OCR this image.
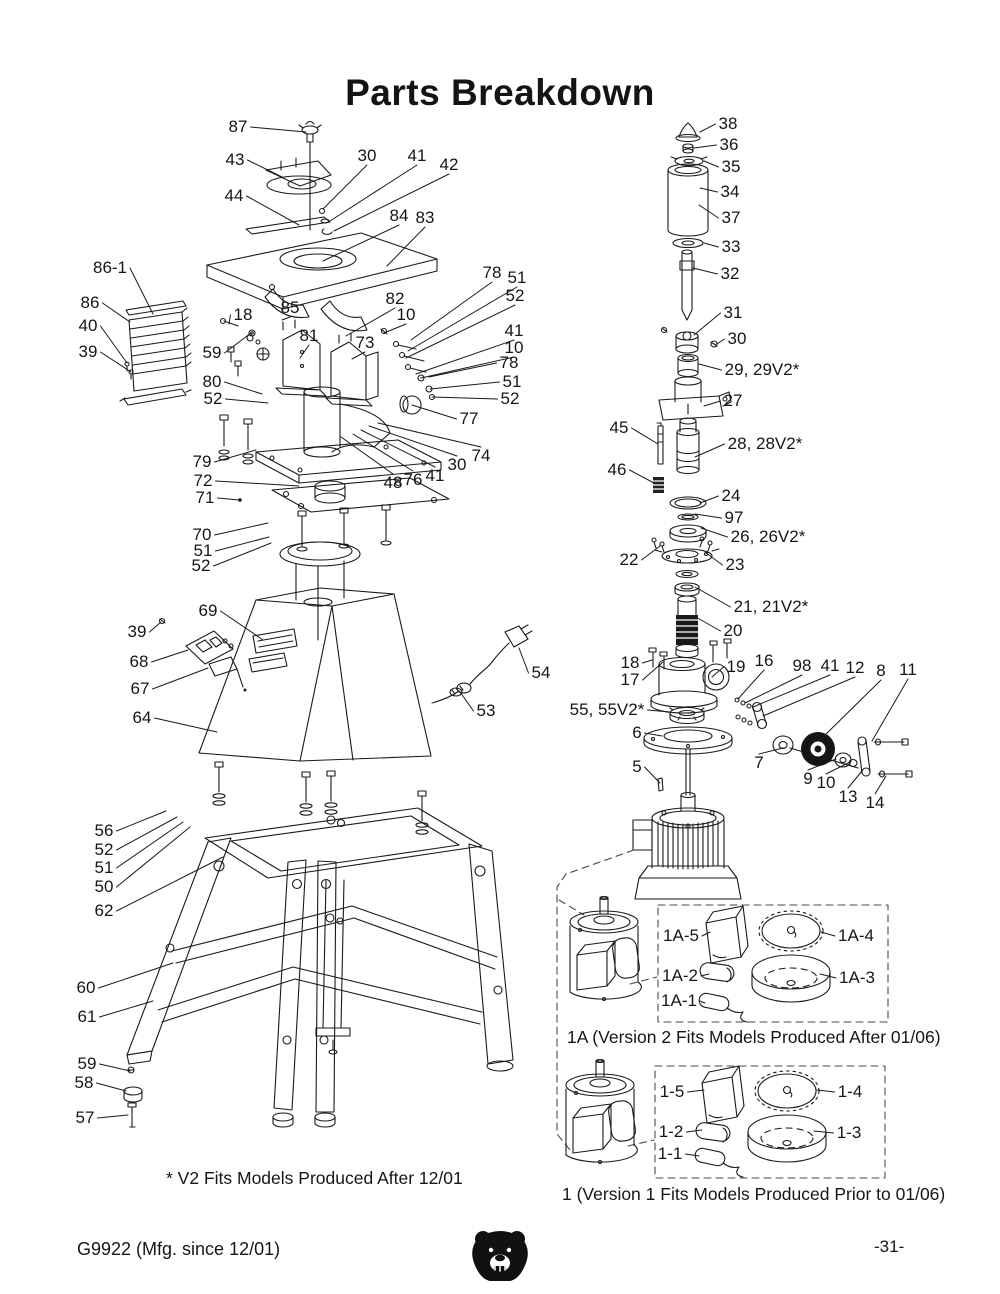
Parts Breakdown
87
43
44
30 41 42
84 83
38
36
35
34
37
33
32
31
30
29, 29V2*
27
45
28, 28V2*
46
24
97
26, 26V2*
22	23
21, 21V2*
20
18
17
19 16 98 41 12 8 11
55, 55V2*
6
5	7
9 10
13 14
86-1
86
40
39
18
59
80
52
85
81 73
82
10
78 51
52
41
10
78
51
52
77
79
72
71
70
51
52
48 76 41
30 74
69
39
68
67
64
54
53
56
52
51
50
62
60
61
59
58
57
1A-5	1A-4
1A-2	1A-3
1A-1
1-5	1-4
1-2	1-3
1-1
1A (Version 2 Fits Models Produced After 01/06)
1 (Version 1 Fits Models Produced Prior to 01/06)
* V2 Fits Models Produced After 12/01
G9922 (Mfg. since 12/01)	-31-
